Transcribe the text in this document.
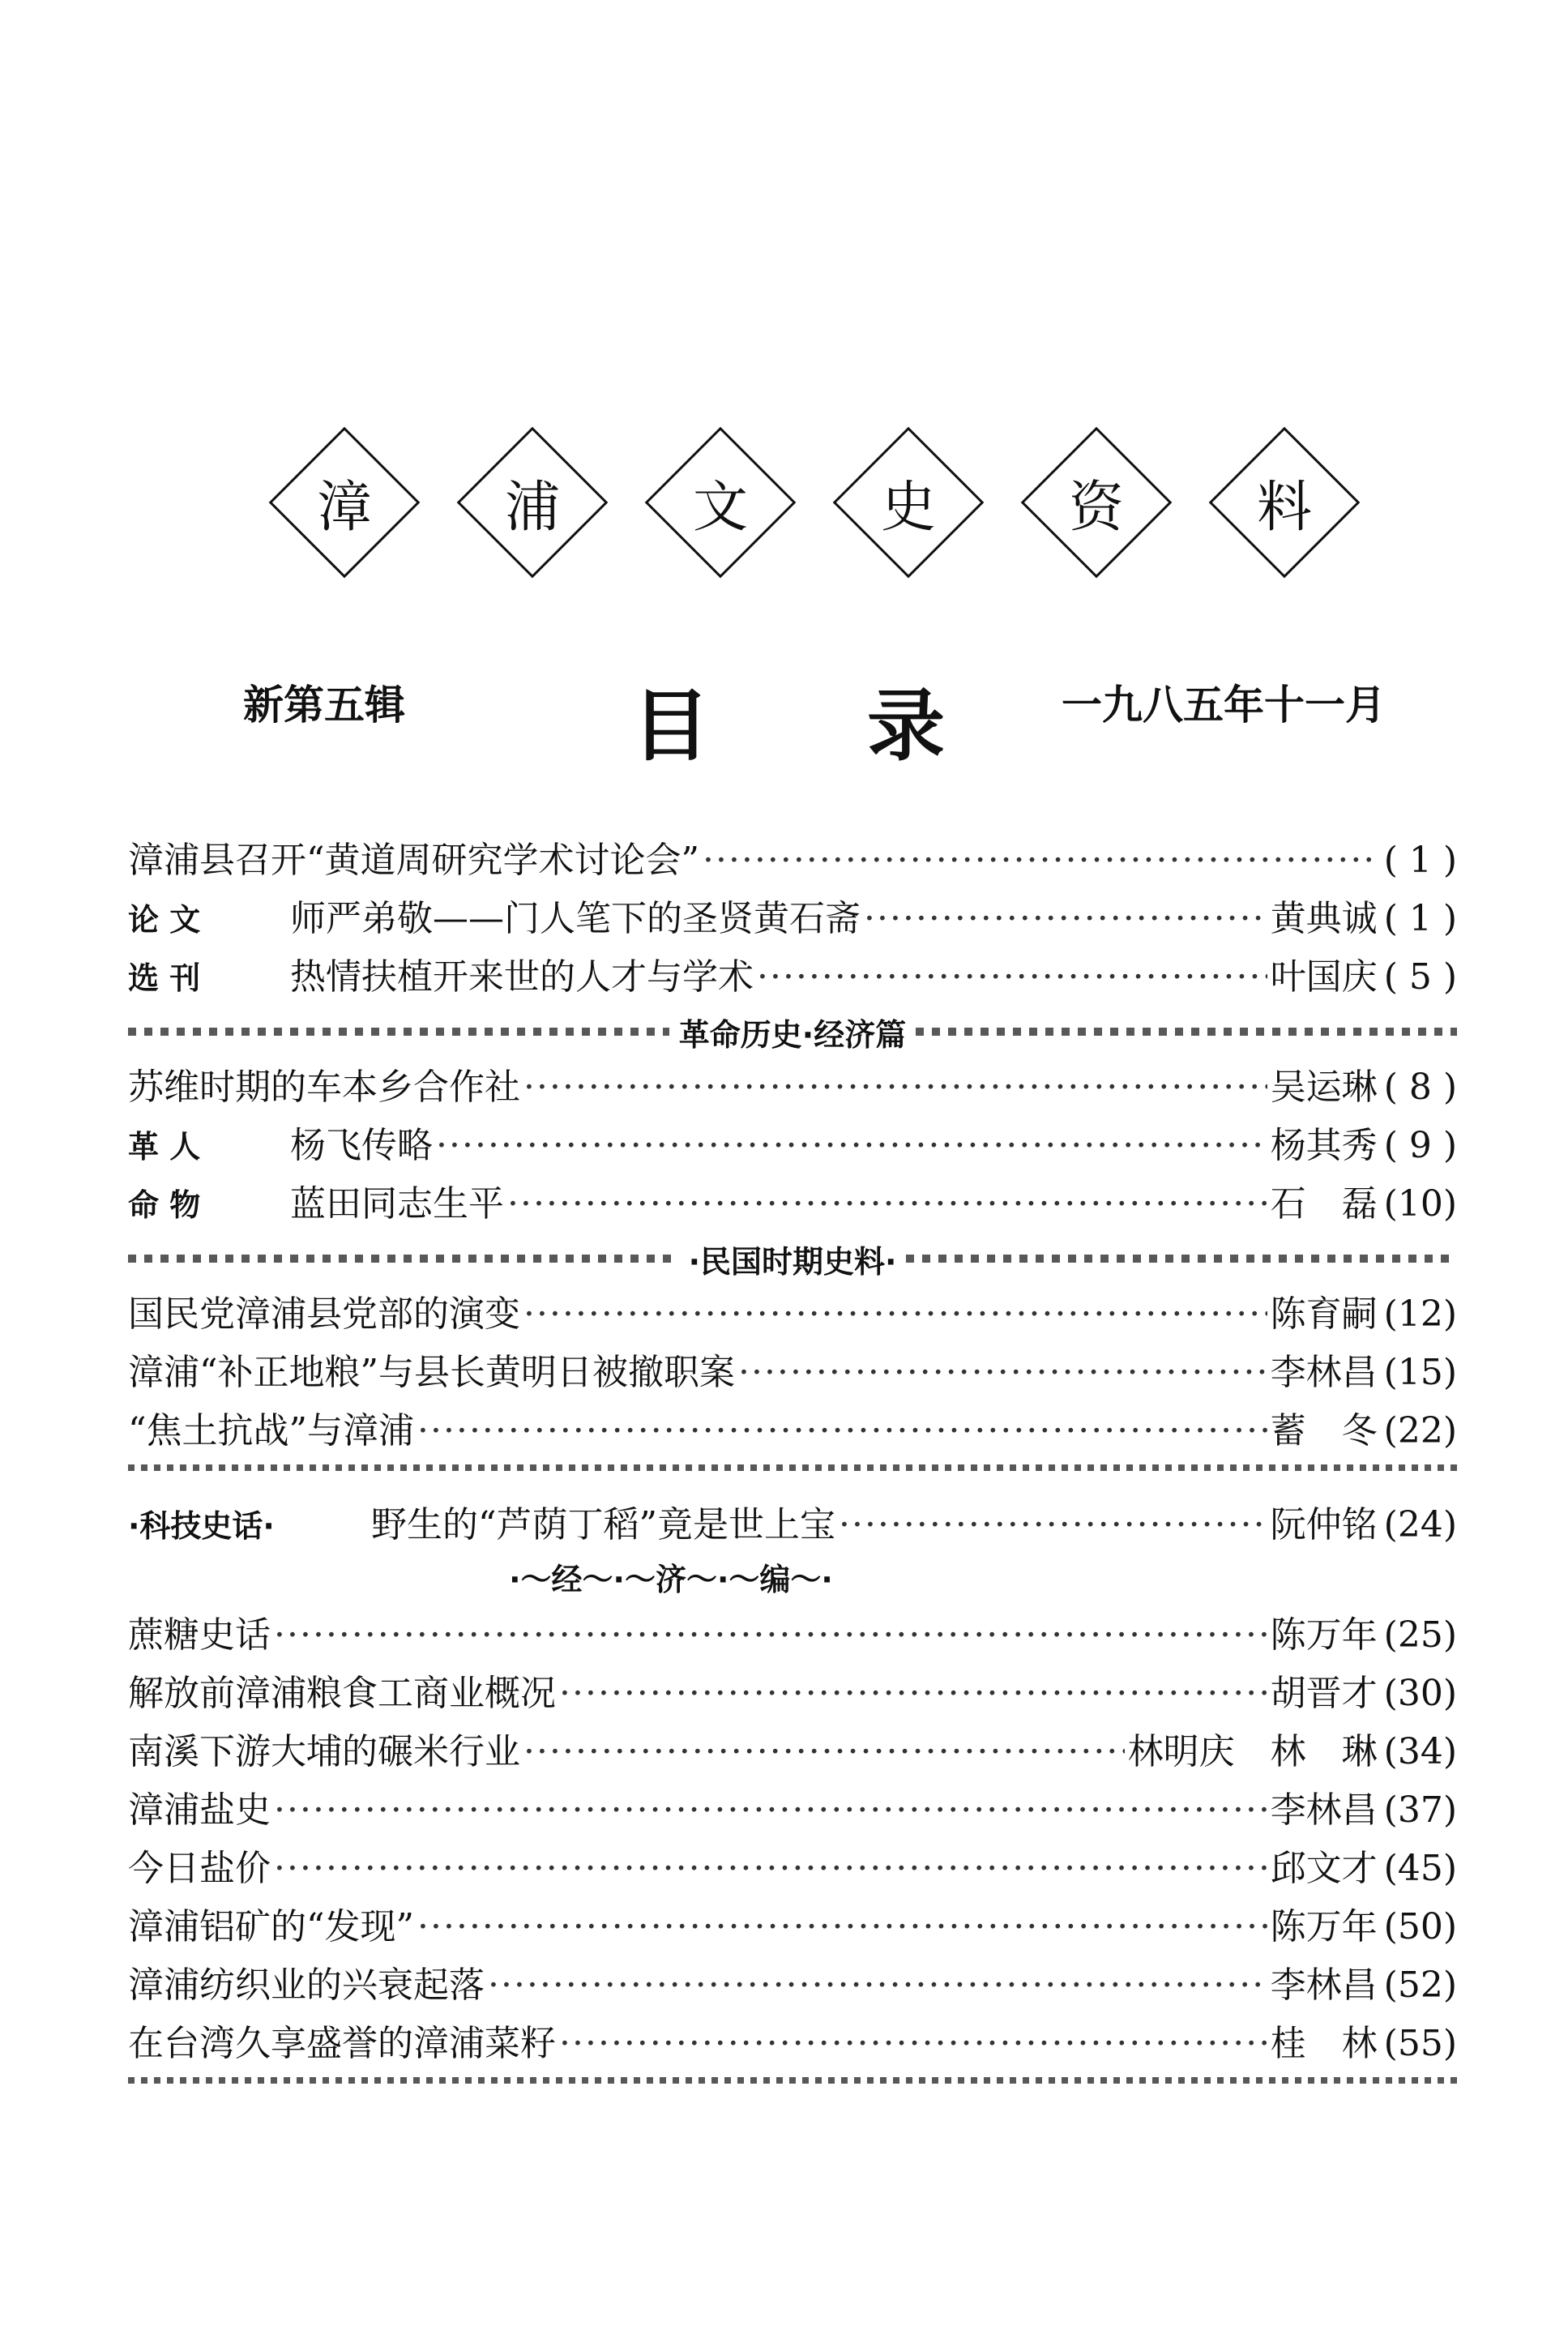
漳	浦	文	史	资	料
新第五辑	目 录	一九八五年十一月
漳浦县召开“黄道周研究学术讨论会” ·····	( 1 )
论 文	师严弟敬——门人笔下的圣贤黄石斋 ·····	黄典诚 ( 1 )
选 刊	热情扶植开来世的人才与学术 ·····	叶国庆 ( 5 )
革命历史·经济篇
苏维时期的车本乡合作社 ·····	吴运琳 ( 8 )
革 人	杨飞传略 ·····	杨其秀 ( 9 )
命 物	蓝田同志生平 ·····	石　磊 (10)
·民国时期史料·
国民党漳浦县党部的演变 ·····	陈育嗣 (12)
漳浦“补正地粮”与县长黄明日被撤职案 ·····	李林昌 (15)
“焦土抗战”与漳浦 ·····	蓄　冬 (22)
·科技史话·	野生的“芦荫丁稻”竟是世上宝 ·····	阮仲铭 (24)
·～经～·～济～·～编～·
蔗糖史话 ·····	陈万年 (25)
解放前漳浦粮食工商业概况 ·····	胡晋才 (30)
南溪下游大埔的碾米行业 ·····	林明庆　林　琳 (34)
漳浦盐史 ·····	李林昌 (37)
今日盐价 ·····	邱文才 (45)
漳浦铝矿的“发现” ·····	陈万年 (50)
漳浦纺织业的兴衰起落 ·····	李林昌 (52)
在台湾久享盛誉的漳浦菜籽 ·····	桂　林 (55)
